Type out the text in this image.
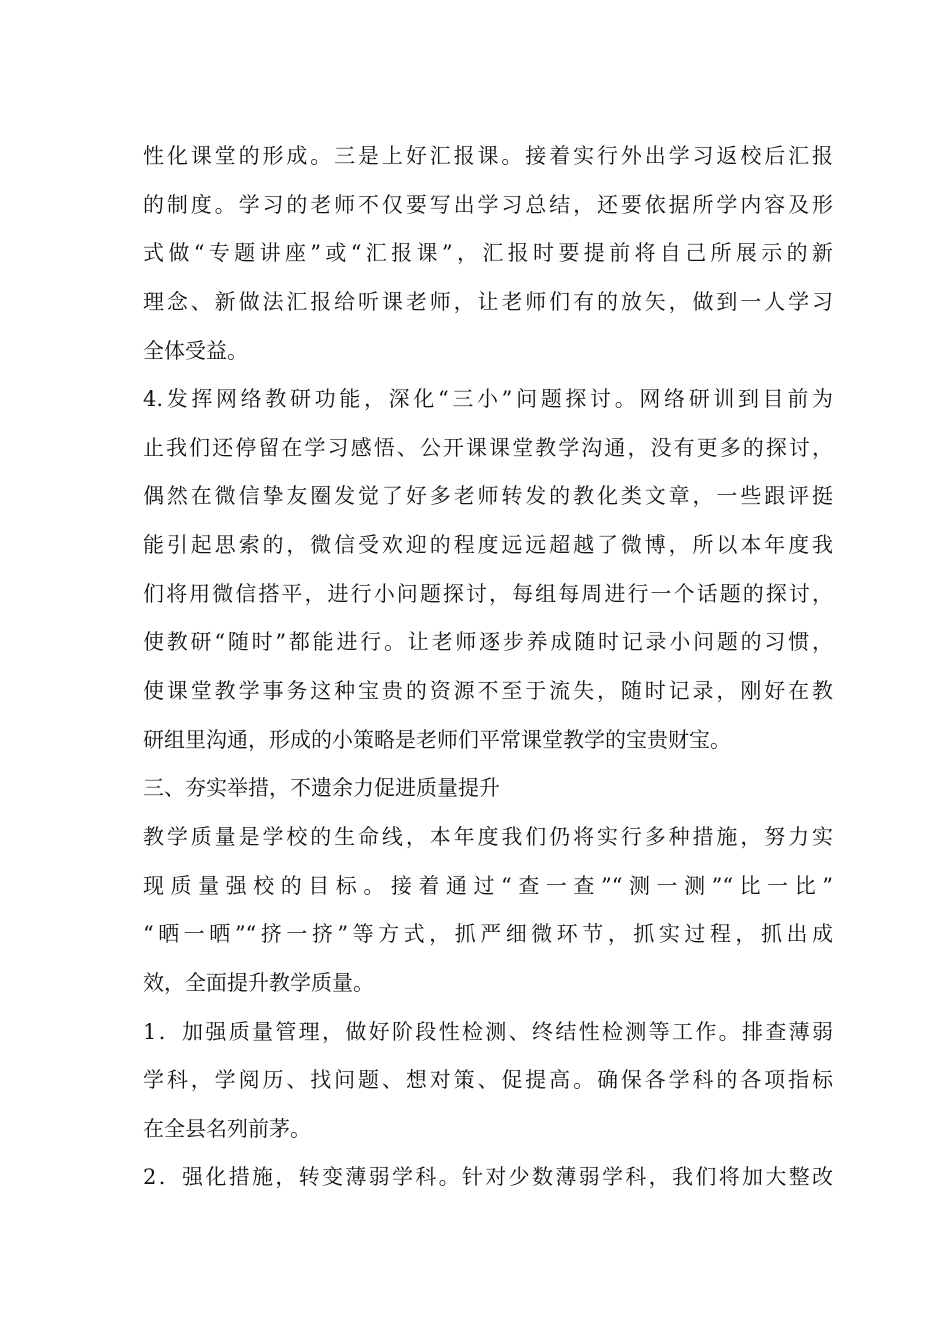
性化课堂的形成。三是上好汇报课。接着实行外出学习返校后汇报
的制度。学习的老师不仅要写出学习总结，还要依据所学内容及形
式做“专题讲座”或“汇报课”，汇报时要提前将自己所展示的新
理念、新做法汇报给听课老师，让老师们有的放矢，做到一人学习
全体受益。
4.发挥网络教研功能，深化“三小”问题探讨。网络研训到目前为
止我们还停留在学习感悟、公开课课堂教学沟通，没有更多的探讨，
偶然在微信挚友圈发觉了好多老师转发的教化类文章，一些跟评挺
能引起思索的，微信受欢迎的程度远远超越了微博，所以本年度我
们将用微信搭平，进行小问题探讨，每组每周进行一个话题的探讨，
使教研“随时”都能进行。让老师逐步养成随时记录小问题的习惯，
使课堂教学事务这种宝贵的资源不至于流失，随时记录，刚好在教
研组里沟通，形成的小策略是老师们平常课堂教学的宝贵财宝。
三、夯实举措，不遗余力促进质量提升
教学质量是学校的生命线，本年度我们仍将实行多种措施，努力实
现质量强校的目标。接着通过“查一查”“测一测”“比一比”
“晒一晒”“挤一挤”等方式，抓严细微环节，抓实过程，抓出成
效，全面提升教学质量。
1．加强质量管理，做好阶段性检测、终结性检测等工作。排查薄弱
学科，学阅历、找问题、想对策、促提高。确保各学科的各项指标
在全县名列前茅。
2．强化措施，转变薄弱学科。针对少数薄弱学科，我们将加大整改
